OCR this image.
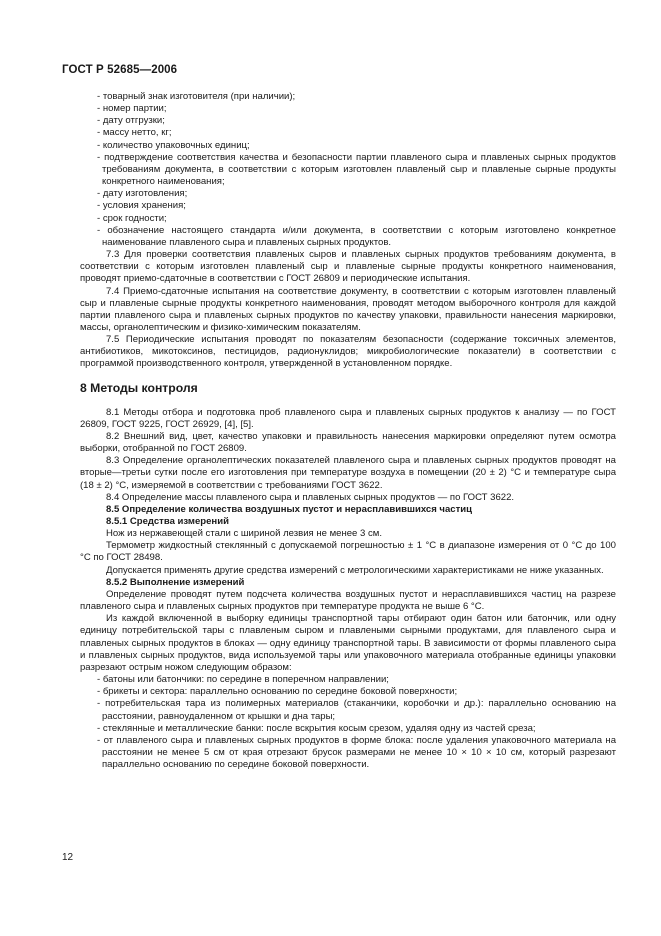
ГОСТ Р 52685—2006

- товарный знак изготовителя (при наличии);

- номер партии;

- дату отгрузки;

- массу нетто, кг;

- количество упаковочных единиц;

- подтверждение соответствия качества и безопасности партии плавленого сыра и плавленых сырных продуктов требованиям документа, в соответствии с которым изготовлен плавленый сыр и плавленые сырные продукты конкретного наименования;

- дату изготовления;

- условия хранения;

- срок годности;

- обозначение настоящего стандарта и/или документа, в соответствии с которым изготовлено конкретное наименование плавленого сыра и плавленых сырных продуктов.

7.3 Для проверки соответствия плавленых сыров и плавленых сырных продуктов требованиям документа, в соответствии с которым изготовлен плавленый сыр и плавленые сырные продукты конкретного наименования, проводят приемо-сдаточные в соответствии с ГОСТ 26809 и периодические испытания.

7.4 Приемо-сдаточные испытания на соответствие документу, в соответствии с которым изготовлен плавленый сыр и плавленые сырные продукты конкретного наименования, проводят методом выборочного контроля для каждой партии плавленого сыра и плавленых сырных продуктов по качеству упаковки, правильности нанесения маркировки, массы, органолептическим и физико-химическим показателям.

7.5 Периодические испытания проводят по показателям безопасности (содержание токсичных элементов, антибиотиков, микотоксинов, пестицидов, радионуклидов; микробиологические показатели) в соответствии с программой производственного контроля, утвержденной в установленном порядке.

8 Методы контроля

8.1 Методы отбора и подготовка проб плавленого сыра и плавленых сырных продуктов к анализу — по ГОСТ 26809, ГОСТ 9225, ГОСТ 26929, [4], [5].

8.2 Внешний вид, цвет, качество упаковки и правильность нанесения маркировки определяют путем осмотра выборки, отобранной по ГОСТ 26809.

8.3 Определение органолептических показателей плавленого сыра и плавленых сырных продуктов проводят на вторые—третьи сутки после его изготовления при температуре воздуха в помещении (20 ± 2) °С и температуре сыра (18 ± 2) °С, измеряемой в соответствии с требованиями ГОСТ 3622.

8.4 Определение массы плавленого сыра и плавленых сырных продуктов — по ГОСТ 3622.

8.5 Определение количества воздушных пустот и нерасплавившихся частиц

8.5.1 Средства измерений

Нож из нержавеющей стали с шириной лезвия не менее 3 см.

Термометр жидкостный стеклянный с допускаемой погрешностью ± 1 °С в диапазоне измерения от 0 °С до 100 °С по ГОСТ 28498.

Допускается применять другие средства измерений с метрологическими характеристиками не ниже указанных.

8.5.2 Выполнение измерений

Определение проводят путем подсчета количества воздушных пустот и нерасплавившихся частиц на разрезе плавленого сыра и плавленых сырных продуктов при температуре продукта не выше 6 °С.

Из каждой включенной в выборку единицы транспортной тары отбирают один батон или батончик, или одну единицу потребительской тары с плавленым сыром и плавлеными сырными продуктами, для плавленого сыра и плавленых сырных продуктов в блоках — одну единицу транспортной тары. В зависимости от формы плавленого сыра и плавленых сырных продуктов, вида используемой тары или упаковочного материала отобранные единицы упаковки разрезают острым ножом следующим образом:

- батоны или батончики: по середине в поперечном направлении;

- брикеты и сектора: параллельно основанию по середине боковой поверхности;

- потребительская тара из полимерных материалов (стаканчики, коробочки и др.): параллельно основанию на расстоянии, равноудаленном от крышки и дна тары;

- стеклянные и металлические банки: после вскрытия косым срезом, удаляя одну из частей среза;

- от плавленого сыра и плавленых сырных продуктов в форме блока: после удаления упаковочного материала на расстоянии не менее 5 см от края отрезают брусок размерами не менее 10 × 10 × 10 см, который разрезают параллельно основанию по середине боковой поверхности.

12
